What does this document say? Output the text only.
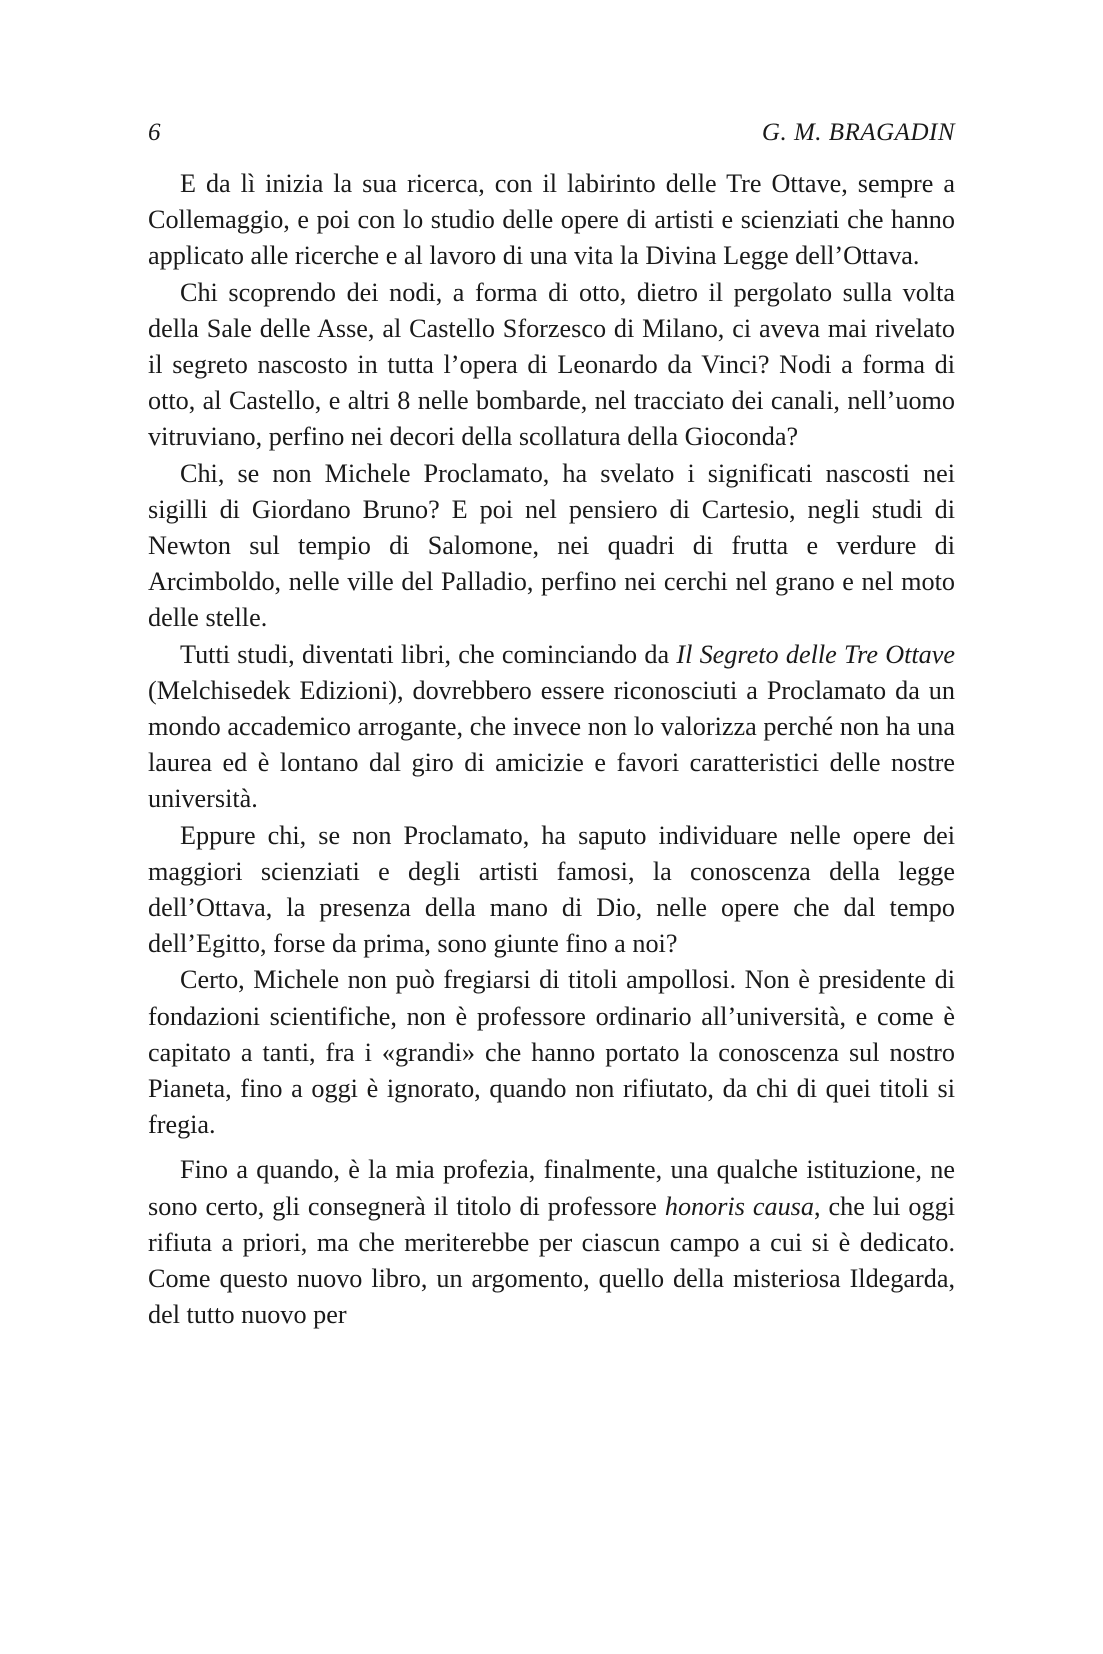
6	G. M. BRAGADIN

E da lì inizia la sua ricerca, con il labirinto delle Tre Ottave, sempre a Collemaggio, e poi con lo studio delle opere di artisti e scienziati che hanno applicato alle ricerche e al lavoro di una vita la Divina Legge dell’Ottava.

Chi scoprendo dei nodi, a forma di otto, dietro il pergolato sulla volta della Sale delle Asse, al Castello Sforzesco di Milano, ci aveva mai rivelato il segreto nascosto in tutta l’opera di Leonardo da Vinci? Nodi a forma di otto, al Castello, e altri 8 nelle bombarde, nel tracciato dei canali, nell’uomo vitruviano, perfino nei decori della scollatura della Gioconda?

Chi, se non Michele Proclamato, ha svelato i significati nascosti nei sigilli di Giordano Bruno? E poi nel pensiero di Cartesio, negli studi di Newton sul tempio di Salomone, nei quadri di frutta e verdure di Arcimboldo, nelle ville del Palladio, perfino nei cerchi nel grano e nel moto delle stelle.

Tutti studi, diventati libri, che cominciando da Il Segreto delle Tre Ottave (Melchisedek Edizioni), dovrebbero essere riconosciuti a Proclamato da un mondo accademico arrogante, che invece non lo valorizza perché non ha una laurea ed è lontano dal giro di amicizie e favori caratteristici delle nostre università.

Eppure chi, se non Proclamato, ha saputo individuare nelle opere dei maggiori scienziati e degli artisti famosi, la conoscenza della legge dell’Ottava, la presenza della mano di Dio, nelle opere che dal tempo dell’Egitto, forse da prima, sono giunte fino a noi?

Certo, Michele non può fregiarsi di titoli ampollosi. Non è presidente di fondazioni scientifiche, non è professore ordinario all’università, e come è capitato a tanti, fra i «grandi» che hanno portato la conoscenza sul nostro Pianeta, fino a oggi è ignorato, quando non rifiutato, da chi di quei titoli si fregia.

Fino a quando, è la mia profezia, finalmente, una qualche istituzione, ne sono certo, gli consegnerà il titolo di professore honoris causa, che lui oggi rifiuta a priori, ma che meriterebbe per ciascun campo a cui si è dedicato. Come questo nuovo libro, un argomento, quello della misteriosa Ildegarda, del tutto nuovo per
